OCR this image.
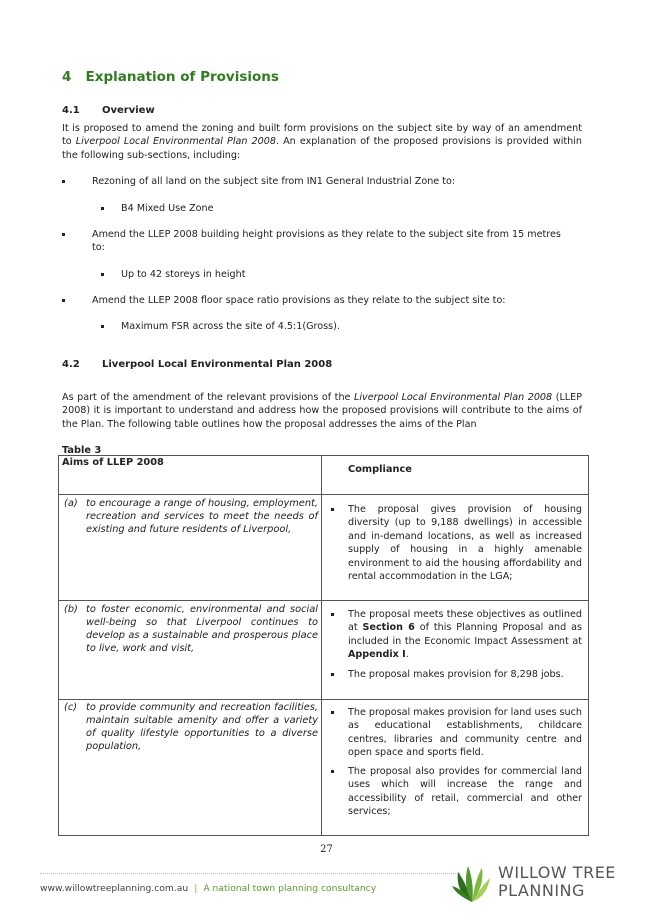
4 Explanation of Provisions
4.1 Overview
It is proposed to amend the zoning and built form provisions on the subject site by way of an amendment to Liverpool Local Environmental Plan 2008. An explanation of the proposed provisions is provided within the following sub-sections, including:
Rezoning of all land on the subject site from IN1 General Industrial Zone to:
B4 Mixed Use Zone
Amend the LLEP 2008 building height provisions as they relate to the subject site from 15 metres to:
Up to 42 storeys in height
Amend the LLEP 2008 floor space ratio provisions as they relate to the subject site to:
Maximum FSR across the site of 4.5:1(Gross).
4.2 Liverpool Local Environmental Plan 2008
As part of the amendment of the relevant provisions of the Liverpool Local Environmental Plan 2008 (LLEP 2008) it is important to understand and address how the proposed provisions will contribute to the aims of the Plan. The following table outlines how the proposal addresses the aims of the Plan
Table 3
Aims of LLEP 2008
Compliance
(a) to encourage a range of housing, employment, recreation and services to meet the needs of existing and future residents of Liverpool,
The proposal gives provision of housing diversity (up to 9,188 dwellings) in accessible and in-demand locations, as well as increased supply of housing in a highly amenable environment to aid the housing affordability and rental accommodation in the LGA;
(b) to foster economic, environmental and social well-being so that Liverpool continues to develop as a sustainable and prosperous place to live, work and visit,
The proposal meets these objectives as outlined at Section 6 of this Planning Proposal and as included in the Economic Impact Assessment at Appendix I.
The proposal makes provision for 8,298 jobs.
(c) to provide community and recreation facilities, maintain suitable amenity and offer a variety of quality lifestyle opportunities to a diverse population,
The proposal makes provision for land uses such as educational establishments, childcare centres, libraries and community centre and open space and sports field.
The proposal also provides for commercial land uses which will increase the range and accessibility of retail, commercial and other services;
27
www.willowtreeplanning.com.au | A national town planning consultancy
WILLOW TREE
PLANNING
